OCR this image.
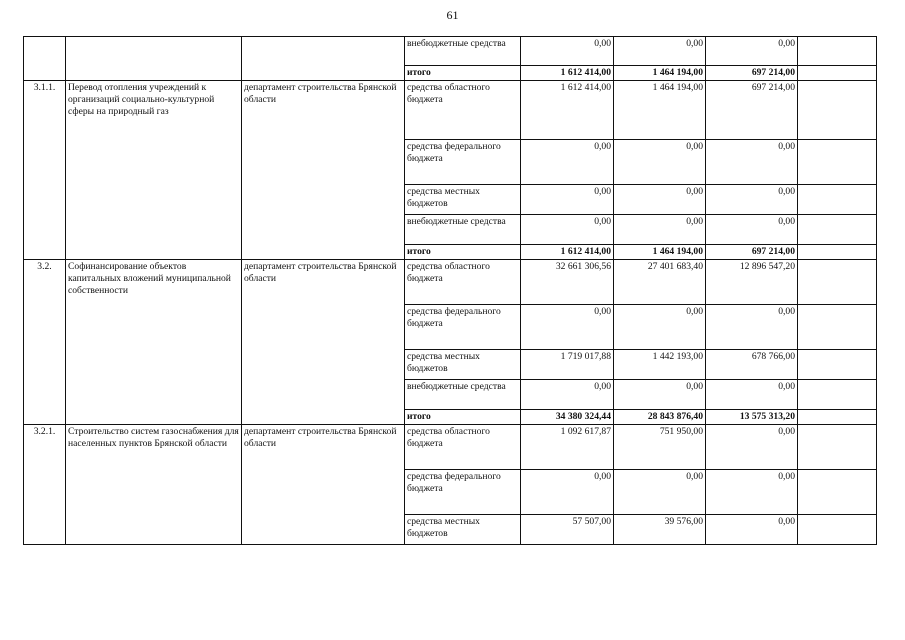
61
			внебюджетные средства	0,00	0,00	0,00	
			итого	1 612 414,00	1 464 194,00	697 214,00	
3.1.1.	Перевод отопления учреждений к организаций социально-культурной сферы на природный газ	департамент строительства Брянской области	средства областного бюджета	1 612 414,00	1 464 194,00	697 214,00	
			средства федерального бюджета	0,00	0,00	0,00	
			средства местных бюджетов	0,00	0,00	0,00	
			внебюджетные средства	0,00	0,00	0,00	
			итого	1 612 414,00	1 464 194,00	697 214,00	
3.2.	Софинансирование объектов капитальных вложений муниципальной собственности	департамент строительства Брянской области	средства областного бюджета	32 661 306,56	27 401 683,40	12 896 547,20	
			средства федерального бюджета	0,00	0,00	0,00	
			средства местных бюджетов	1 719 017,88	1 442 193,00	678 766,00	
			внебюджетные средства	0,00	0,00	0,00	
			итого	34 380 324,44	28 843 876,40	13 575 313,20	
3.2.1.	Строительство систем газоснабжения для населенных пунктов Брянской области	департамент строительства Брянской области	средства областного бюджета	1 092 617,87	751 950,00	0,00	
			средства федерального бюджета	0,00	0,00	0,00	
			средства местных бюджетов	57 507,00	39 576,00	0,00	
